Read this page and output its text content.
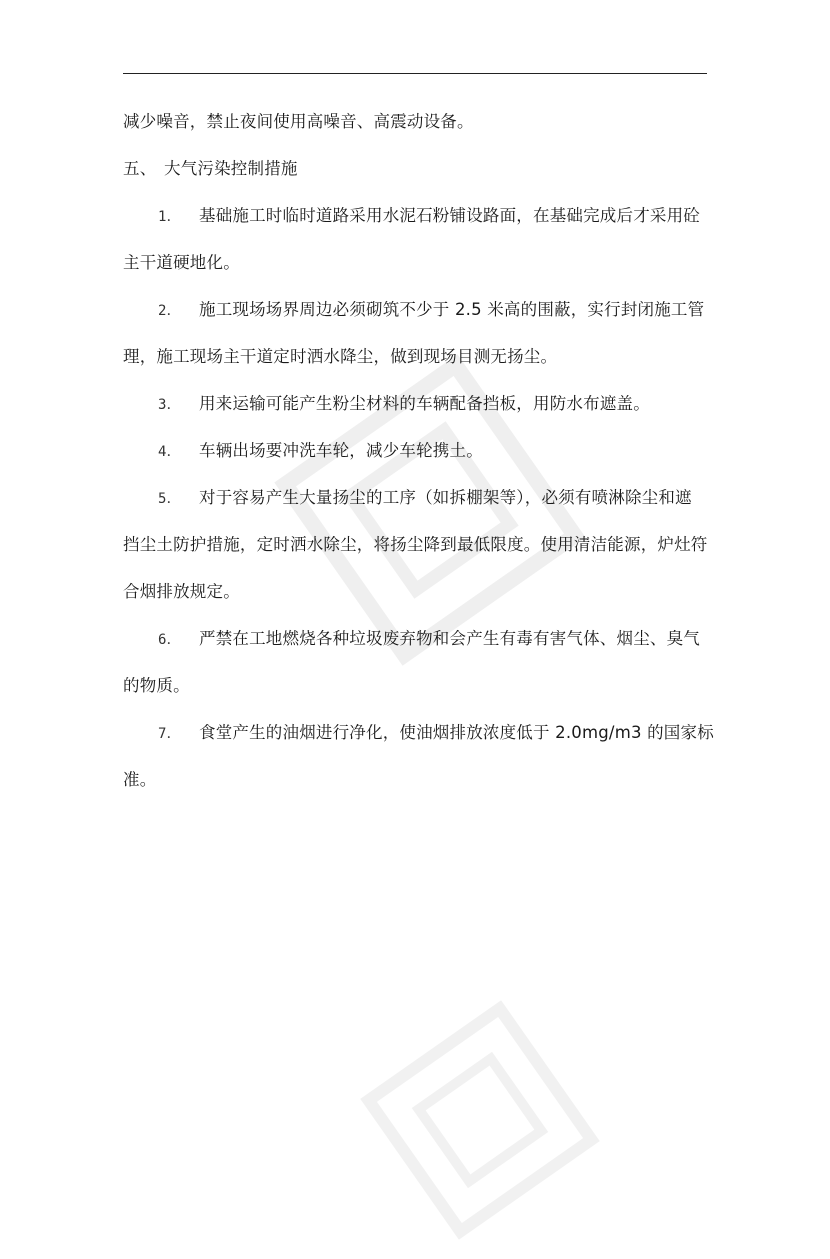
减少噪音，禁止夜间使用高噪音、高震动设备。
五、 大气污染控制措施
1． 基础施工时临时道路采用水泥石粉铺设路面，在基础完成后才采用砼
主干道硬地化。
2． 施工现场场界周边必须砌筑不少于 2.5 米高的围蔽，实行封闭施工管
理，施工现场主干道定时洒水降尘，做到现场目测无扬尘。
3． 用来运输可能产生粉尘材料的车辆配备挡板，用防水布遮盖。
4． 车辆出场要冲洗车轮，减少车轮携土。
5． 对于容易产生大量扬尘的工序（如拆棚架等），必须有喷淋除尘和遮
挡尘土防护措施，定时洒水除尘，将扬尘降到最低限度。使用清洁能源，炉灶符
合烟排放规定。
6． 严禁在工地燃烧各种垃圾废弃物和会产生有毒有害气体、烟尘、臭气
的物质。
7． 食堂产生的油烟进行净化，使油烟排放浓度低于 2.0mg/m3 的国家标
准。
